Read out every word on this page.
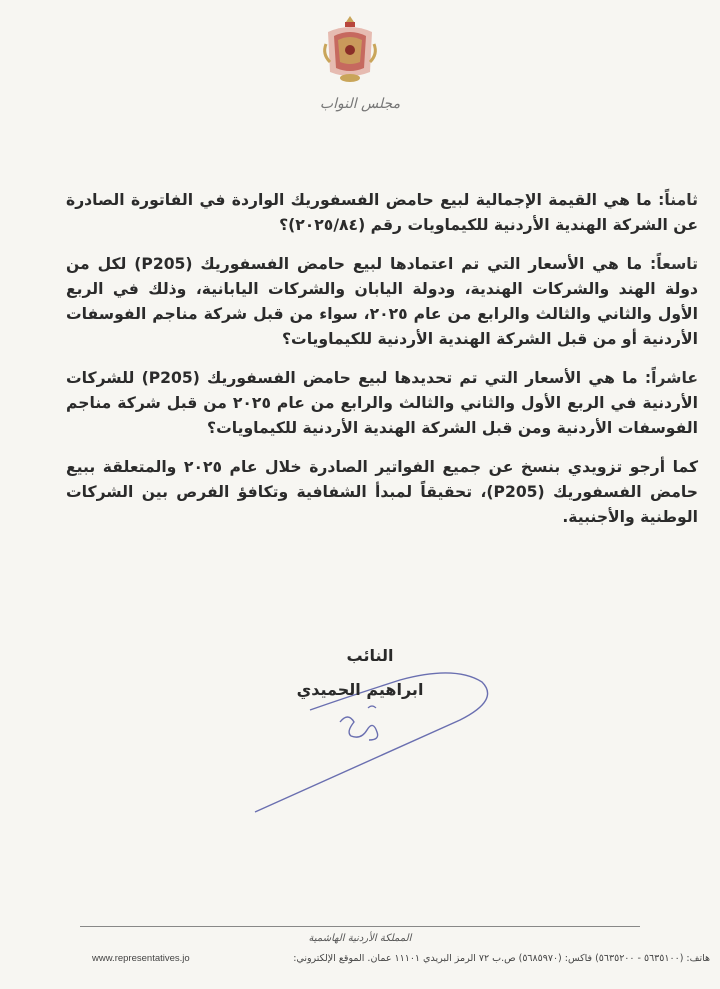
مجلس النواب

ثامناً: ما هي القيمة الإجمالية لبيع حامض الفسفوريك الواردة في الفاتورة الصادرة عن الشركة الهندية الأردنية للكيماويات رقم (٢٠٢٥/٨٤)؟

تاسعاً: ما هي الأسعار التي تم اعتمادها لبيع حامض الفسفوريك (P205) لكل من دولة الهند والشركات الهندية، ودولة اليابان والشركات اليابانية، وذلك في الربع الأول والثاني والثالث والرابع من عام ٢٠٢٥، سواء من قبل شركة مناجم الفوسفات الأردنية أو من قبل الشركة الهندية الأردنية للكيماويات؟

عاشراً: ما هي الأسعار التي تم تحديدها لبيع حامض الفسفوريك (P205) للشركات الأردنية في الربع الأول والثاني والثالث والرابع من عام ٢٠٢٥ من قبل شركة مناجم الفوسفات الأردنية ومن قبل الشركة الهندية الأردنية للكيماويات؟

كما أرجو تزويدي بنسخ عن جميع الفواتير الصادرة خلال عام ٢٠٢٥ والمتعلقة ببيع حامض الفسفوريك (P205)، تحقيقاً لمبدأ الشفافية وتكافؤ الفرص بين الشركات الوطنية والأجنبية.

النائب
ابراهيم الحميدي
المملكة الأردنية الهاشمية
www.representatives.jo	هاتف: (٥٦٣٥١٠٠ - ٥٦٣٥٢٠٠) فاكس: (٥٦٨٥٩٧٠) ص.ب ٧٢ الرمز البريدي ١١١٠١ عمان. الموقع الإلكتروني:
